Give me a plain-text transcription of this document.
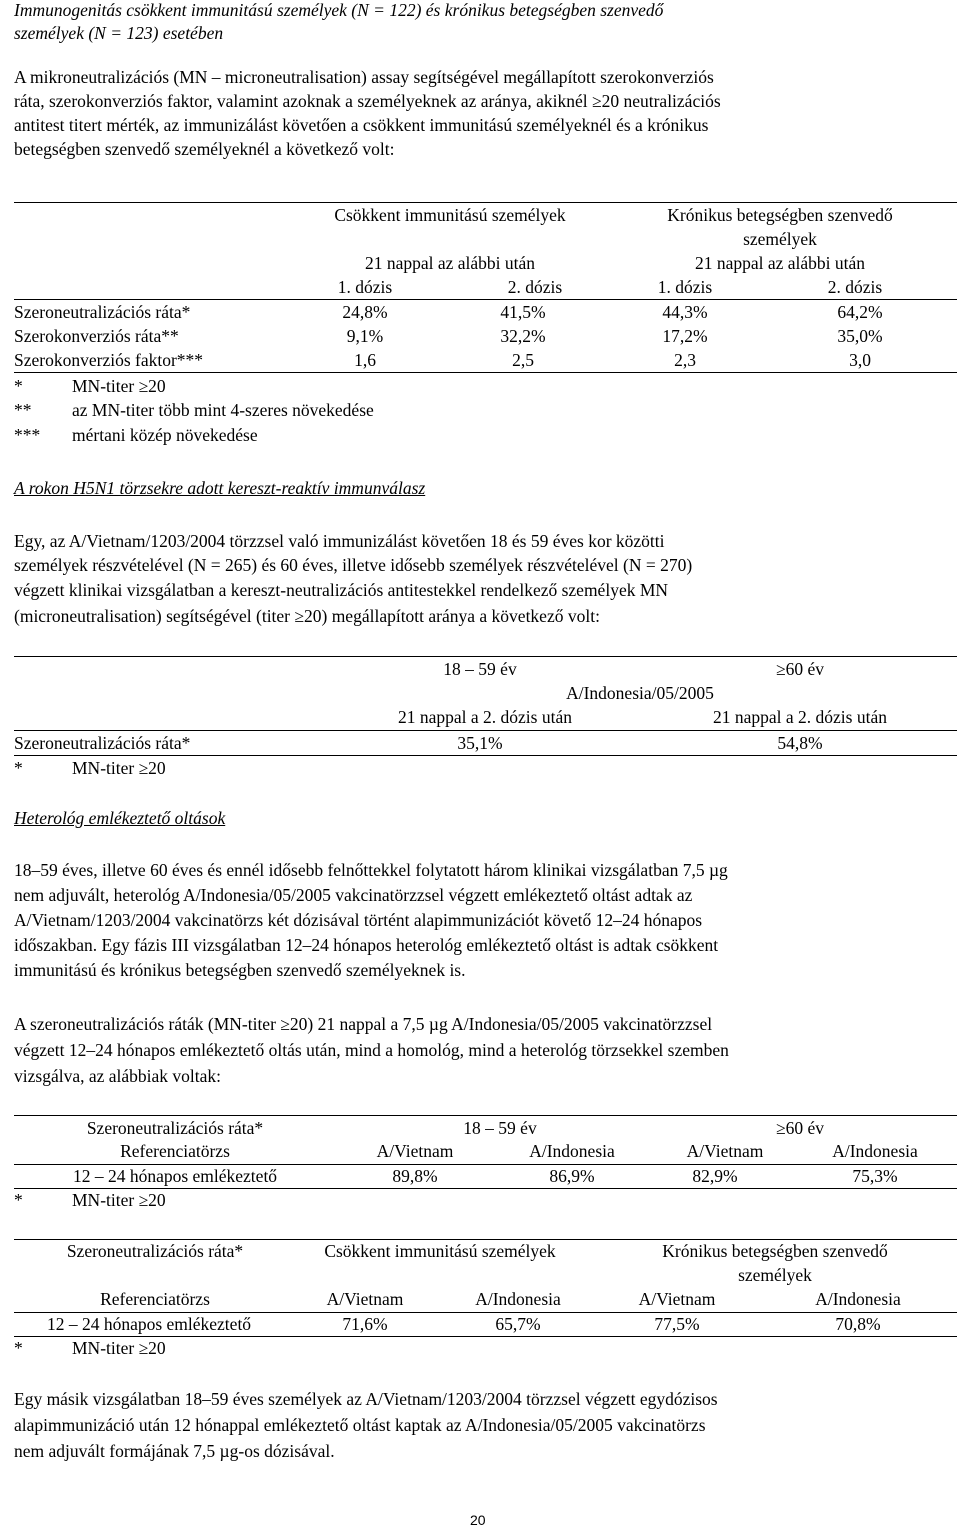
Immunogenitás csökkent immunitású személyek (N = 122) és krónikus betegségben szenvedő
személyek (N = 123) esetében
A mikroneutralizációs (MN – microneutralisation) assay segítségével megállapított szerokonverziós
ráta, szerokonverziós faktor, valamint azoknak a személyeknek az aránya, akiknél ≥20 neutralizációs
antitest titert mérték, az immunizálást követően a csökkent immunitású személyeknél és a krónikus
betegségben szenvedő személyeknél a következő volt:
Csökkent immunitású személyek	Krónikus betegségben szenvedő
személyek
21 nappal az alábbi után	21 nappal az alábbi után
1. dózis	2. dózis	1. dózis	2. dózis
Szeroneutralizációs ráta*	24,8%	41,5%	44,3%	64,2%
Szerokonverziós ráta**	9,1%	32,2%	17,2%	35,0%
Szerokonverziós faktor***	1,6	2,5	2,3	3,0
*	MN-titer ≥20
** az MN-titer több mint 4-szeres növekedése
*** mértani közép növekedése
A rokon H5N1 törzsekre adott kereszt-reaktív immunválasz
Egy, az A/Vietnam/1203/2004 törzzsel való immunizálást követően 18 és 59 éves kor közötti
személyek részvételével (N = 265) és 60 éves, illetve idősebb személyek részvételével (N = 270)
végzett klinikai vizsgálatban a kereszt-neutralizációs antitestekkel rendelkező személyek MN
(microneutralisation) segítségével (titer ≥20) megállapított aránya a következő volt:
18 – 59 év	≥60 év
A/Indonesia/05/2005
21 nappal a 2. dózis után	21 nappal a 2. dózis után
Szeroneutralizációs ráta*	35,1%	54,8%
*	MN-titer ≥20
Heterológ emlékeztető oltások
18–59 éves, illetve 60 éves és ennél idősebb felnőttekkel folytatott három klinikai vizsgálatban 7,5 µg
nem adjuvált, heterológ A/Indonesia/05/2005 vakcinatörzzsel végzett emlékeztető oltást adtak az
A/Vietnam/1203/2004 vakcinatörzs két dózisával történt alapimmunizációt követő 12–24 hónapos
időszakban. Egy fázis III vizsgálatban 12–24 hónapos heterológ emlékeztető oltást is adtak csökkent
immunitású és krónikus betegségben szenvedő személyeknek is.
A szeroneutralizációs ráták (MN-titer ≥20) 21 nappal a 7,5 µg A/Indonesia/05/2005 vakcinatörzzsel
végzett 12–24 hónapos emlékeztető oltás után, mind a homológ, mind a heterológ törzsekkel szemben
vizsgálva, az alábbiak voltak:
Szeroneutralizációs ráta*	18 – 59 év	≥60 év
Referenciatörzs	A/Vietnam	A/Indonesia	A/Vietnam	A/Indonesia
12 – 24 hónapos emlékeztető	89,8%	86,9%	82,9%	75,3%
*	MN-titer ≥20
Szeroneutralizációs ráta*	Csökkent immunitású személyek	Krónikus betegségben szenvedő
személyek
Referenciatörzs	A/Vietnam	A/Indonesia	A/Vietnam	A/Indonesia
12 – 24 hónapos emlékeztető	71,6%	65,7%	77,5%	70,8%
*	MN-titer ≥20
Egy másik vizsgálatban 18–59 éves személyek az A/Vietnam/1203/2004 törzzsel végzett egydózisos
alapimmunizáció után 12 hónappal emlékeztető oltást kaptak az A/Indonesia/05/2005 vakcinatörzs
nem adjuvált formájának 7,5 µg-os dózisával.
20
